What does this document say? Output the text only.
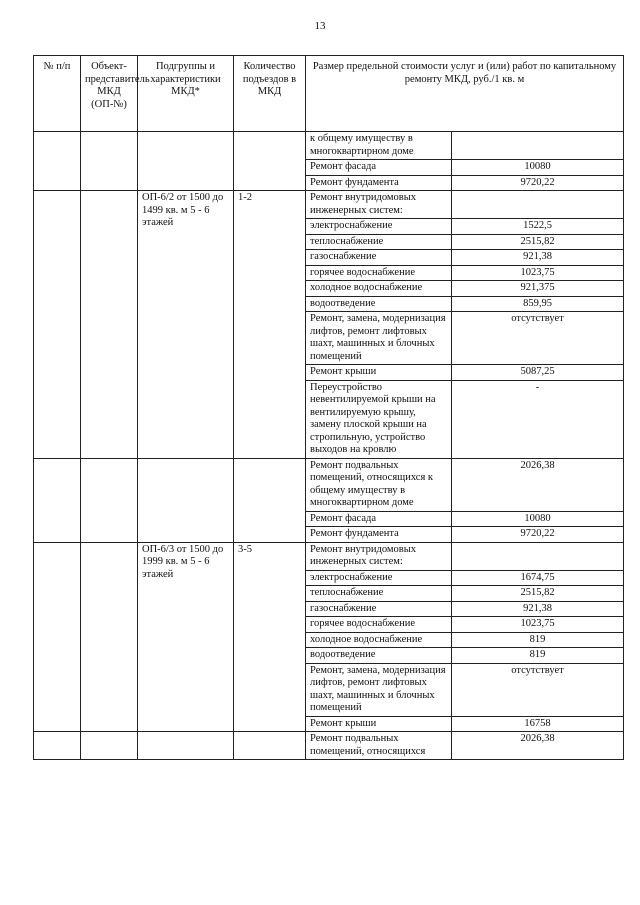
13
№ п/п	Объект-представитель МКД (ОП-№)	Подгруппы и характеристики МКД*	Количество подъездов в МКД	Размер предельной стоимости услуг и (или) работ по капитальному ремонту МКД, руб./1 кв. м	
				к общему имуществу в многоквартирном доме	
				Ремонт фасада	10080
				Ремонт фундамента	9720,22
		ОП-6/2 от 1500 до 1499 кв. м 5 - 6 этажей	1-2	Ремонт внутридомовых инженерных систем:	
				электроснабжение	1522,5
				теплоснабжение	2515,82
				газоснабжение	921,38
				горячее водоснабжение	1023,75
				холодное водоснабжение	921,375
				водоотведение	859,95
				Ремонт, замена, модернизация лифтов, ремонт лифтовых шахт, машинных и блочных помещений	отсутствует
				Ремонт крыши	5087,25
				Переустройство невентилируемой крыши на вентилируемую крышу, замену плоской крыши на стропильную, устройство выходов на кровлю	-
				Ремонт подвальных помещений, относящихся к общему имуществу в многоквартирном доме	2026,38
				Ремонт фасада	10080
				Ремонт фундамента	9720,22
		ОП-6/3 от 1500 до 1999 кв. м 5 - 6 этажей	3-5	Ремонт внутридомовых инженерных систем:	
				электроснабжение	1674,75
				теплоснабжение	2515,82
				газоснабжение	921,38
				горячее водоснабжение	1023,75
				холодное водоснабжение	819
				водоотведение	819
				Ремонт, замена, модернизация лифтов, ремонт лифтовых шахт, машинных и блочных помещений	отсутствует
				Ремонт крыши	16758
				Ремонт подвальных помещений, относящихся	2026,38
